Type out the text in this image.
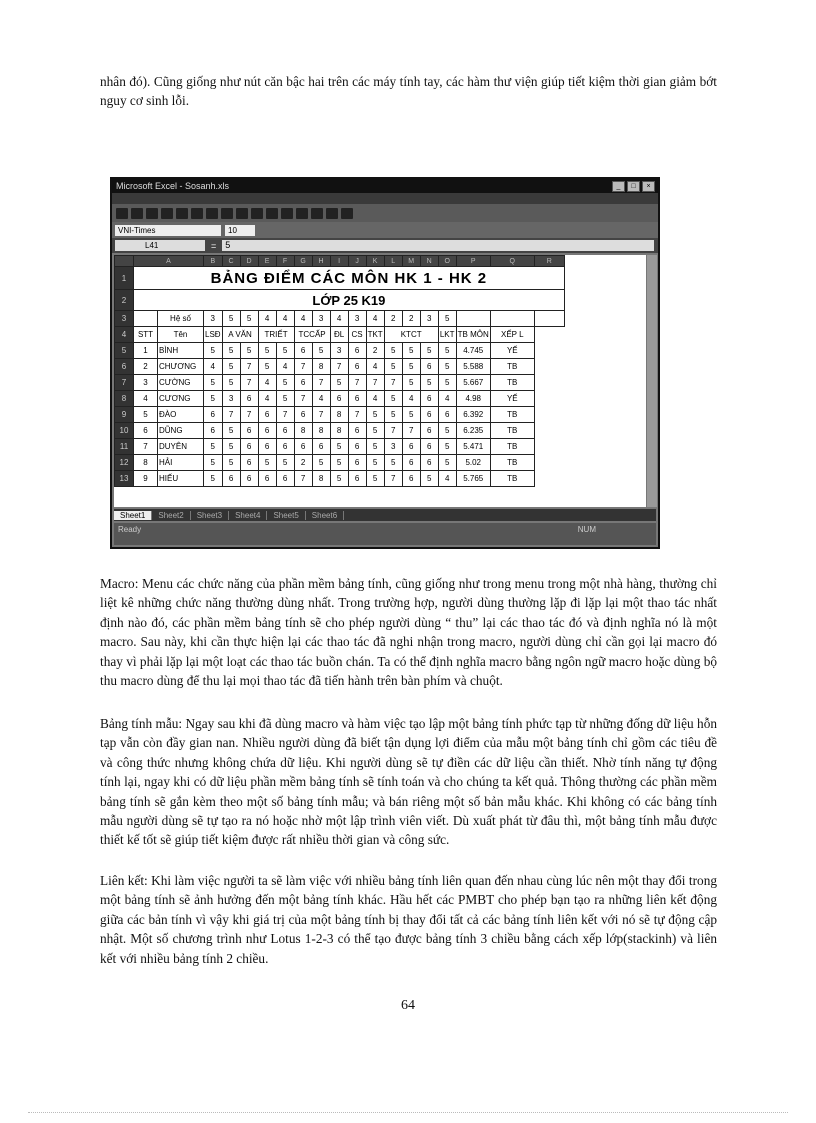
nhân đó). Cũng giống như nút căn bậc hai trên các máy tính tay, các hàm thư viện giúp tiết kiệm thời gian giảm bớt nguy cơ sinh lỗi.

Microsoft Excel - Sosanh.xls	_	□	×
VNI-Times	10
L41	=	5
	A		B	C	D	E	F	G	H	I	J	K	L	M	N	O	P	Q	R
1	BẢNG ĐIỂM CÁC MÔN HK 1 - HK 2																		
2	LỚP 25 K19																		
3		Hệ số	3	5	5	4	4	4	3	4	3	4	2	2	3	5			
4	STT	Tên	LSĐ	A VĂN		TRIẾT		TCCẤP		ĐL	CS	TKT	KTCT			LKT	TB MÔN	XẾP L	
5	1	BÌNH	5	5	5	5	5	6	5	3	6	2	5	5	5	5	4.745	YẾ	
6	2	CHƯƠNG	4	5	7	5	4	7	8	7	6	4	5	5	6	5	5.588	TB	
7	3	CƯỜNG	5	5	7	4	5	6	7	5	7	7	7	5	5	5	5.667	TB	
8	4	CƯƠNG	5	3	6	4	5	7	4	6	6	4	5	4	6	4	4.98	YẾ	
9	5	ĐÀO	6	7	7	6	7	6	7	8	7	5	5	5	6	6	6.392	TB	
10	6	DŨNG	6	5	6	6	6	8	8	8	6	5	7	7	6	5	6.235	TB	
11	7	DUYÊN	5	5	6	6	6	6	6	5	6	5	3	6	6	5	5.471	TB	
12	8	HẢI	5	5	6	5	5	2	5	5	6	5	5	6	6	5	5.02	TB	
13	9	HIẾU	5	6	6	6	6	7	8	5	6	5	7	6	5	4	5.765	TB	
Sheet1	Sheet2	Sheet3	Sheet4	Sheet5	Sheet6
Ready	NUM

Macro: Menu các chức năng của phần mềm bảng tính, cũng giống như trong menu trong một nhà hàng, thường chỉ liệt kê những chức năng thường dùng nhất. Trong trường hợp, người dùng thường lặp đi lặp lại một thao tác nhất định nào đó, các phần mềm bảng tính sẽ cho phép người dùng “ thu” lại các thao tác đó và định nghĩa nó là một macro. Sau này, khi cần thực hiện lại các thao tác đã nghi nhận trong macro, người dùng chỉ cần gọi lại macro đó thay vì phải lặp lại một loạt các thao tác buồn chán. Ta có thể định nghĩa macro bằng ngôn ngữ macro hoặc dùng bộ thu macro dùng để thu lại mọi thao tác đã tiến hành trên bàn phím và chuột.

Bảng tính mẫu: Ngay sau khi đã dùng macro và hàm việc tạo lập một bảng tính phức tạp từ những đống dữ liệu hỗn tạp vẫn còn đầy gian nan. Nhiều người dùng đã biết tận dụng lợi điểm của mẫu một bảng tính chỉ gồm các tiêu đề và công thức nhưng không chứa dữ liệu. Khi người dùng sẽ tự điền các dữ liệu cần thiết. Nhờ tính năng tự động tính lại, ngay khi có dữ liệu phần mềm bảng tính sẽ tính toán và cho chúng ta kết quả. Thông thường các phần mềm bảng tính sẽ gắn kèm theo một số bảng tính mẫu; và bán riêng một số bản mẫu khác. Khi không có các bảng tính mẫu người dùng sẽ tự tạo ra nó hoặc nhờ một lập trình viên viết. Dù xuất phát từ đâu thì, một bảng tính mẫu được thiết kế tốt sẽ giúp tiết kiệm được rất nhiều thời gian và công sức.

Liên kết: Khi làm việc người ta sẽ làm việc với nhiều bảng tính liên quan đến nhau cùng lúc nên một thay đổi trong một bảng tính sẽ ảnh hưởng đến một bảng tính khác. Hầu hết các PMBT cho phép bạn tạo ra những liên kết động giữa các bản tính vì vậy khi giá trị của một bảng tính bị thay đổi tất cả các bảng tính liên kết với nó sẽ tự động cập nhật. Một số chương trình như Lotus 1-2-3 có thể tạo được bảng tính 3 chiều bằng cách xếp lớp(stackinh) và liên kết với nhiều bảng tính 2 chiều.

64
